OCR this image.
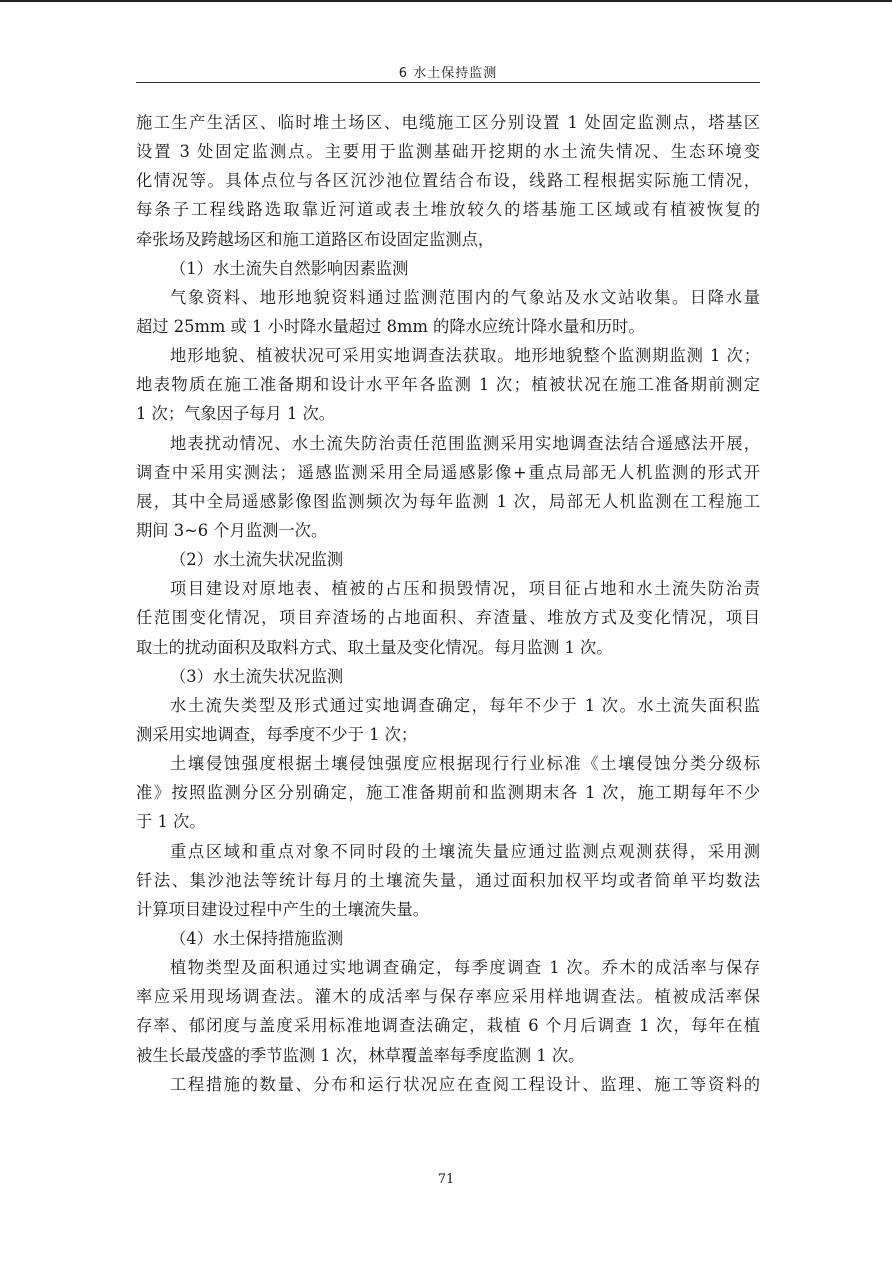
6 水土保持监测
施工生产生活区、临时堆土场区、电缆施工区分别设置 1 处固定监测点，塔基区
设置 3 处固定监测点。主要用于监测基础开挖期的水土流失情况、生态环境变
化情况等。具体点位与各区沉沙池位置结合布设，线路工程根据实际施工情况，
每条子工程线路选取靠近河道或表土堆放较久的塔基施工区域或有植被恢复的
牵张场及跨越场区和施工道路区布设固定监测点，
（1）水土流失自然影响因素监测
气象资料、地形地貌资料通过监测范围内的气象站及水文站收集。日降水量
超过 25mm 或 1 小时降水量超过 8mm 的降水应统计降水量和历时。
地形地貌、植被状况可采用实地调查法获取。地形地貌整个监测期监测 1 次；
地表物质在施工准备期和设计水平年各监测 1 次；植被状况在施工准备期前测定
1 次；气象因子每月 1 次。
地表扰动情况、水土流失防治责任范围监测采用实地调查法结合遥感法开展，
调查中采用实测法；遥感监测采用全局遥感影像+重点局部无人机监测的形式开
展，其中全局遥感影像图监测频次为每年监测 1 次，局部无人机监测在工程施工
期间 3~6 个月监测一次。
（2）水土流失状况监测
项目建设对原地表、植被的占压和损毁情况，项目征占地和水土流失防治责
任范围变化情况，项目弃渣场的占地面积、弃渣量、堆放方式及变化情况，项目
取土的扰动面积及取料方式、取土量及变化情况。每月监测 1 次。
（3）水土流失状况监测
水土流失类型及形式通过实地调查确定，每年不少于 1 次。水土流失面积监
测采用实地调查，每季度不少于 1 次；
土壤侵蚀强度根据土壤侵蚀强度应根据现行行业标准《土壤侵蚀分类分级标
准》按照监测分区分别确定，施工准备期前和监测期末各 1 次，施工期每年不少
于 1 次。
重点区域和重点对象不同时段的土壤流失量应通过监测点观测获得，采用测
钎法、集沙池法等统计每月的土壤流失量，通过面积加权平均或者简单平均数法
计算项目建设过程中产生的土壤流失量。
（4）水土保持措施监测
植物类型及面积通过实地调查确定，每季度调查 1 次。乔木的成活率与保存
率应采用现场调查法。灌木的成活率与保存率应采用样地调查法。植被成活率保
存率、郁闭度与盖度采用标准地调查法确定，栽植 6 个月后调查 1 次，每年在植
被生长最茂盛的季节监测 1 次，林草覆盖率每季度监测 1 次。
工程措施的数量、分布和运行状况应在查阅工程设计、监理、施工等资料的
71
